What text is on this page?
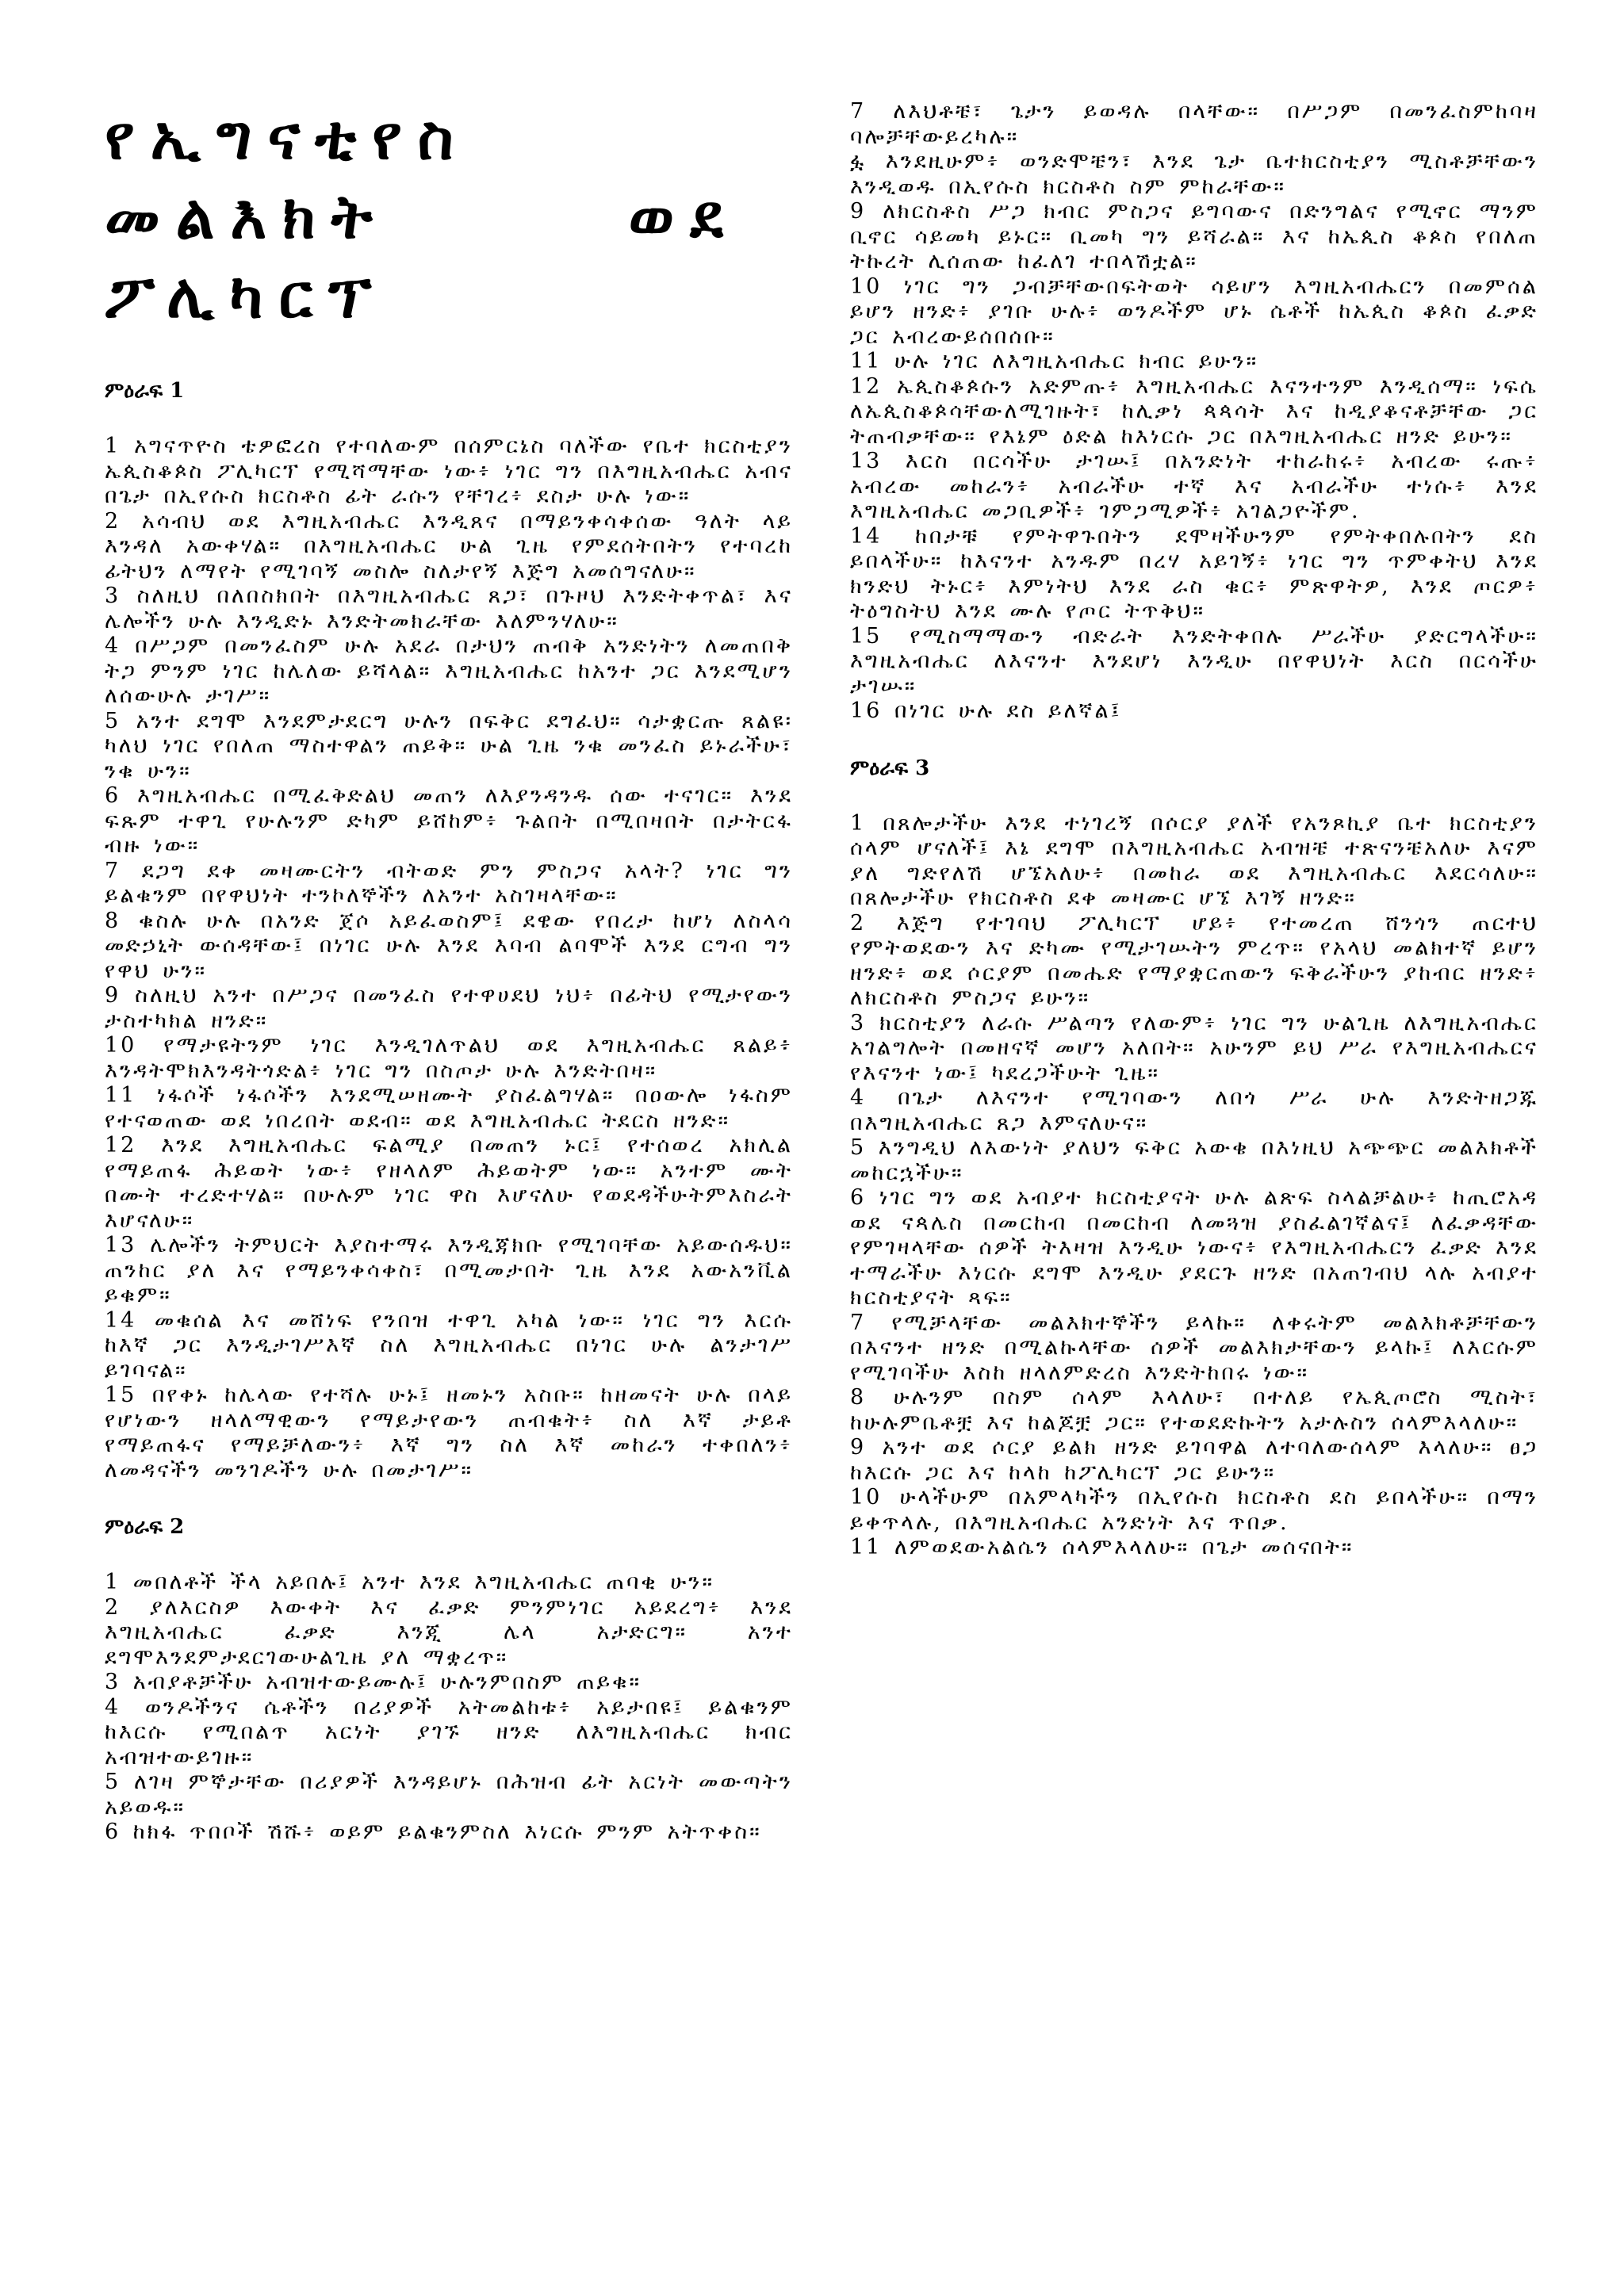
የኢግናቲየስ
መልእክት	ወደ
ፖሊካርፕ

ምዕራፍ 1

1 አግናጥዮስ ቴዎፎረስ የተባለውም በሰምርኔስ ባለችው የቤተ ክርስቲያን ኤጲስቆጶስ ፖሊካርፕ የሚሻማቸው ነው፥ ነገር ግን በእግዚአብሔር አብና በጌታ በኢየሱስ ክርስቶስ ፊት ራሱን የቸገረ፥ ደስታ ሁሉ ነው።

2 አሳብህ ወደ እግዚአብሔር እንዲጸና በማይንቀሳቀሰው ዓለት ላይ እንዳለ አውቀሃል። በእግዚአብሔር ሁል ጊዜ የምደሰትበትን የተባረከ ፊትህን ለማየት የሚገባኝ መስሎ ስለታየኝ እጅግ አመሰግናለሁ።

3 ስለዚህ በለበስክበት በእግዚአብሔር ጸጋ፣ በጉዞህ እንድትቀጥል፣ እና ሌሎችን ሁሉ እንዲድኑ እንድትመክራቸው እለምንሃለሁ።

4 በሥጋም በመንፈስም ሁሉ አደራ በታህን ጠብቅ አንድነትን ለመጠበቅ ትጋ ምንም ነገር ከሌለው ይሻላል። እግዚአብሔር ከአንተ ጋር እንደሚሆን ለሰውሁሉ ታገሥ።

5 አንተ ደግሞ እንደምታደርግ ሁሉን በፍቅር ደግፈህ። ሳታቋርጡ ጸልዩ፡ ካለህ ነገር የበለጠ ማስተዋልን ጠይቅ። ሁል ጊዜ ንቁ መንፈስ ይኑራችሁ፣ ንቁ ሁን።

6 እግዚአብሔር በሚፈቅድልህ መጠን ለእያንዳንዱ ሰው ተናገር። እንደ ፍጹም ተዋጊ የሁሉንም ድካም ይሸከም፥ ጉልበት በሚበዛበት በታትርፋ ብዙ ነው።

7 ደጋግ ደቀ መዛሙርትን ብትወድ ምን ምስጋና አላት? ነገር ግን ይልቁንም በየዋህነት ተንኮለኞችን ለአንተ አስገዛላቸው።

8 ቁስሉ ሁሉ በአንድ ጀሶ አይፈወስም፤ ደዌው የበረታ ከሆነ ለስላሳ መድኃኒት ውሰዳቸው፤ በነገር ሁሉ እንደ እባብ ልባሞች እንደ ርግብ ግን የዋህ ሁን።

9 ስለዚህ አንተ በሥጋና በመንፈስ የተዋሀደህ ነህ፥ በፊትህ የሚታየውን ታስተካክል ዘንድ።

10 የማታዩትንም ነገር እንዲገለጥልህ ወደ እግዚአብሔር ጸልይ፥ እንዳትሞክእንዳትጎድል፥ ነገር ግን በስጦታ ሁሉ እንድትበዛ።

11 ነፋሶች ነፋሶችን እንደሚሠዘሙት ያስፈልግሃል። በዐውሎ ነፋስም የተናወጠው ወደ ነበረበት ወደብ። ወደ እግዚአብሔር ትደርስ ዘንድ።

12 እንደ እግዚአብሔር ፍልሚያ በመጠን ኑር፤ የተሰወረ አክሊል የማይጠፋ ሕይወት ነው፥ የዘላለም ሕይወትም ነው። አንተም ሙት በሙት ተረድተሃል። በሁሉም ነገር ዋስ እሆናለሁ የወደዳችሁትምእስራት እሆናለሁ።

13 ሌሎችን ትምህርት እያስተማሩ እንዲጃክቡ የሚገባቸው አይውሰዱህ። ጠንከር ያለ እና የማይንቀሳቀስ፣ በሚመታበት ጊዜ እንደ አውአንቪል ይቁም።

14 መቁሰል እና መሸነፍ የንበዝ ተዋጊ አካል ነው። ነገር ግን እርሱ ከእኛ ጋር እንዲታገሥእኛ ስለ እግዚአብሔር በነገር ሁሉ ልንታገሥ ይገባናል።

15 በየቀኑ ከሌላው የተሻሉ ሁኑ፤ ዘመኑን አስቡ። ከዘመናት ሁሉ በላይ የሆነውን ዘላለማዊውን የማይታየውን ጠብቁት፥ ስለ እኛ ታይቶ የማይጠፋና የማይቻለውን፥ እኛ ግን ስለ እኛ መከራን ተቀበለን፥ ለመዳናችን መንገዶችን ሁሉ በመታገሥ።

ምዕራፍ 2

1 መበለቶች ችላ አይበሉ፤ አንተ እንደ እግዚአብሔር ጠባቂ ሁን።

2 ያለእርስዎ እውቀት እና ፈቃድ ምንምነገር አይደረግ፥ እንደ እግዚአብሔር ፈቃድ እንጂ ሌላ አታድርግ። አንተ ደግሞእንደምታደርገውሁልጊዜ ያለ ማቋረጥ።

3 አብያቶቻችሁ አብዝተውይሙሉ፤ ሁሉንምበስም ጠይቁ።

4 ወንዶችንና ሴቶችን በሪያዎች አትመልከቱ፥ አይታበዩ፤ ይልቁንም ከእርሱ የሚበልጥ አርነት ያገኙ ዘንድ ለእግዚአብሔር ክብር አብዝተውይገዙ።

5 ለገዛ ምኞታቸው በሪያዎች እንዳይሆኑ በሕዝብ ፊት አርነት መውጣትን አይወዱ።

6 ከክፋ ጥበቦች ሽሹ፥ ወይም ይልቁንምስለ እነርሱ ምንም አትጥቀስ።

7 ለእህቶቼ፣ ጌታን ይወዳሉ በላቸው። በሥጋም በመንፈስምከባዛ ባሎቻቸውይረካሉ።

ፏ እንደዚሁም፥ ወንድሞቼን፣ እንደ ጌታ ቤተክርስቲያን ሚስቶቻቸውን እንዲወዱ በኢየሱስ ክርስቶስ ስም ምከራቸው።

9 ለክርስቶስ ሥጋ ክብር ምስጋና ይግባውና በድንግልና የሚኖር ማንም ቢኖር ሳይመካ ይኑር። ቢመካ ግን ይሻራል። እና ከኤጲስ ቆጶስ የበለጠ ትኩረት ሊሰጠው ከፈለገ ተበላሽቷል።

10 ነገር ግን ጋብቻቸውበፍትወት ሳይሆን እግዚአብሔርን በመምሰል ይሆን ዘንድ፥ ያገቡ ሁሉ፥ ወንዶችም ሆኑ ሴቶች ከኤጲስ ቆጶስ ፈቃድ ጋር አብረውይሰበሰቡ።

11 ሁሉ ነገር ለእግዚአብሔር ክብር ይሁን።

12 ኤጲስቆጶሱን አድምጡ፥ እግዚአብሔር እናንተንም እንዲሰማ። ነፍሴ ለኤጲስቆጶሳቸውለሚገዙት፣ ከሊቃነ ጳጳሳት እና ከዲያቆናቶቻቸው ጋር ትጠብቃቸው። የእኔም ዕድል ከእነርሱ ጋር በእግዚአብሔር ዘንድ ይሁን።

13 እርስ በርሳችሁ ታገሡ፤ በአንድነት ተከራከሩ፥ አብረው ሩጡ፥ አብረው መከራን፥ አብራችሁ ተኛ እና አብራችሁ ተነሱ፥ እንደ እግዚአብሔር መጋቢዎች፥ ገምጋሚዎች፥ አገልጋዮችም.

14 ከበታቹ የምትዋጉበትን ደሞዛችሁንም የምትቀበሉበትን ደስ ይበላችሁ። ከእናንተ አንዱም በረሃ አይገኝ፥ ነገር ግን ጥምቀትህ እንደ ክንድህ ትኑር፥ እምነትህ እንደ ራስ ቁር፥ ምጽዋትዎ, እንደ ጦርዎ፥ ትዕግስትህ እንደ ሙሉ የጦር ትጥቅህ።

15 የሚስማማውን ብድራት እንድትቀበሉ ሥራችሁ ያድርግላችሁ። እግዚአብሔር ለእናንተ እንደሆነ እንዲሁ በየዋህነት እርስ በርሳችሁ ታገሡ።

16 በነገር ሁሉ ደስ ይለኛል፤

ምዕራፍ 3

1 በጸሎታችሁ እንደ ተነገረኝ በሶርያ ያለች የአንጾኪያ ቤተ ክርስቲያን ሰላም ሆናለች፤ እኔ ደግሞ በእግዚአብሔር አብዝቼ ተጽናንቼአለሁ እናም ያለ ግድየለሽ ሆኜአለሁ፥ በመከራ ወደ እግዚአብሔር እደርሳለሁ። በጸሎታችሁ የክርስቶስ ደቀ መዛሙር ሆኜ እገኝ ዘንድ።

2 እጅግ የተገባህ ፖሊካርፕ ሆይ፥ የተመረጠ ሸንጎን ጠርተህ የምትወደውን እና ድካሙ የሚታገሡትን ምረጥ። የአላህ መልክተኛ ይሆን ዘንድ፥ ወደ ሶርያም በመሔድ የማያቋርጠውን ፍቅራችሁን ያከብር ዘንድ፥ ለክርስቶስ ምስጋና ይሁን።

3 ክርስቲያን ለራሱ ሥልጣን የለውም፥ ነገር ግን ሁልጊዜ ለእግዚአብሔር አገልግሎት በመዘናኛ መሆን አለበት። አሁንም ይህ ሥራ የእግዚአብሔርና የእናንተ ነው፤ ካደረጋችሁት ጊዜ።

4 በጌታ ለእናንተ የሚገባውን ለበጎ ሥራ ሁሉ እንድትዘጋጁ በእግዚአብሔር ጸጋ እምናለሁና።

5 እንግዲህ ለእውነት ያለህን ፍቅር አውቄ በእነዚህ አጭጭር መልእክቶች መከርኋችሁ።

6 ነገር ግን ወደ አብያተ ክርስቲያናት ሁሉ ልጽፍ ስላልቻልሁ፥ ከጢሮአዳ ወደ ናጳሌስ በመርከብ በመርከብ ለመጓዝ ያስፈልገኛልና፤ ለፈቃዳቸው የምገዛላቸው ሰዎች ትእዛዝ እንዲሁ ነውና፥ የእግዚአብሔርን ፈቃድ እንደ ተማራችሁ እነርሱ ደግሞ እንዲሁ ያደርጉ ዘንድ በአጠገብህ ላሉ አብያተ ክርስቲያናት ጻፍ።

7 የሚቻላቸው መልእክተኞችን ይላኩ። ለቀሩትም መልእክቶቻቸውን በእናንተ ዘንድ በሚልኩላቸው ሰዎች መልእክታቸውን ይላኩ፤ ለእርሱም የሚገባችሁ እስከ ዘላለምድረስ እንድትከበሩ ነው።

8 ሁሉንም በስም ሰላም እላለሁ፣ በተለይ የኤጲጦሮስ ሚስት፣ ከሁሉምቤቶቿ እና ከልጆቿ ጋር። የተወደድኩትን አታሉስን ሰላምእላለሁ።

9 አንተ ወደ ሶርያ ይልክ ዘንድ ይገባዋል ለተባለውሰላም እላለሁ። ፀጋ ከእርሱ ጋር እና ከላከ ከፖሊካርፕ ጋር ይሁን።

10 ሁላችሁም በአምላካችን በኢየሱስ ክርስቶስ ደስ ይበላችሁ። በማን ይቀጥላሉ, በእግዚአብሔር አንድነት እና ጥበቃ.

11 ለምወደውአልሴን ሰላምእላለሁ። በጌታ መሰናበት።
